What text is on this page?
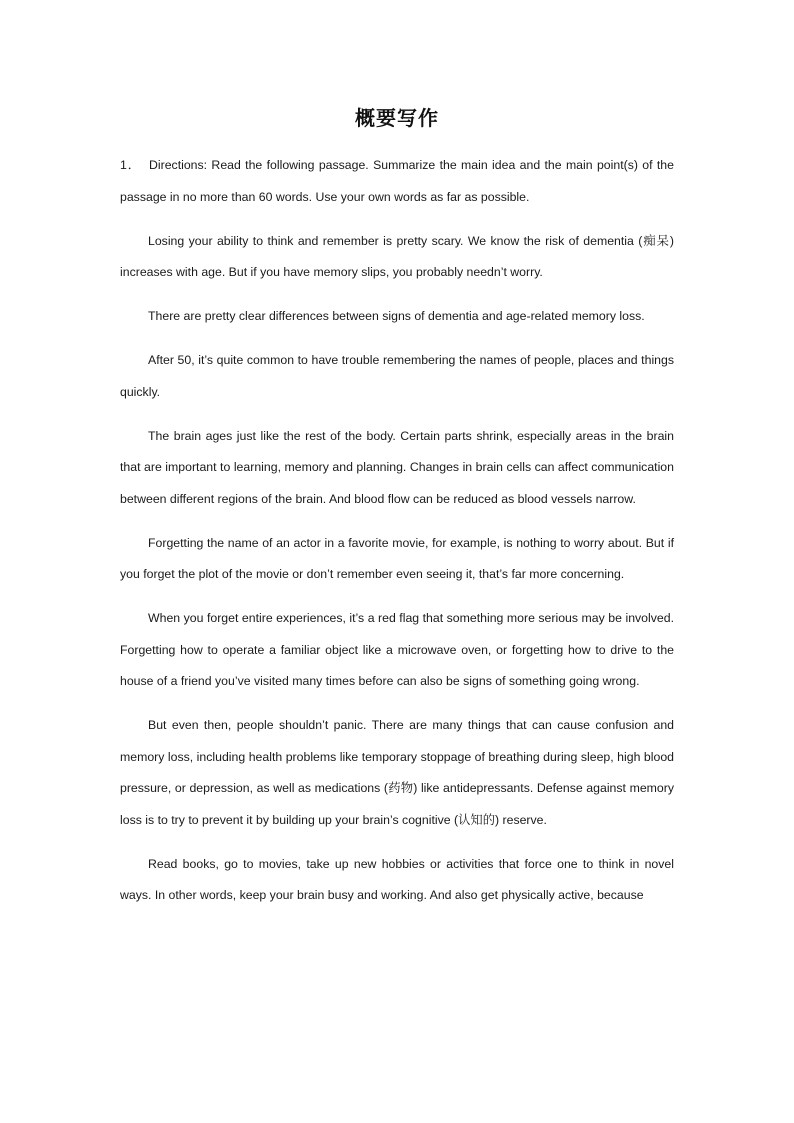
概要写作

1． Directions: Read the following passage. Summarize the main idea and the main point(s) of the passage in no more than 60 words. Use your own words as far as possible.

Losing your ability to think and remember is pretty scary. We know the risk of dementia (痴呆) increases with age. But if you have memory slips, you probably needn’t worry.

There are pretty clear differences between signs of dementia and age-related memory loss.

After 50, it’s quite common to have trouble remembering the names of people, places and things quickly.

The brain ages just like the rest of the body. Certain parts shrink, especially areas in the brain that are important to learning, memory and planning. Changes in brain cells can affect communication between different regions of the brain. And blood flow can be reduced as blood vessels narrow.

Forgetting the name of an actor in a favorite movie, for example, is nothing to worry about. But if you forget the plot of the movie or don’t remember even seeing it, that’s far more concerning.

When you forget entire experiences, it’s a red flag that something more serious may be involved. Forgetting how to operate a familiar object like a microwave oven, or forgetting how to drive to the house of a friend you’ve visited many times before can also be signs of something going wrong.

But even then, people shouldn’t panic. There are many things that can cause confusion and memory loss, including health problems like temporary stoppage of breathing during sleep, high blood pressure, or depression, as well as medications (药物) like antidepressants. Defense against memory loss is to try to prevent it by building up your brain’s cognitive (认知的) reserve.

Read books, go to movies, take up new hobbies or activities that force one to think in novel ways. In other words, keep your brain busy and working. And also get physically active, because
